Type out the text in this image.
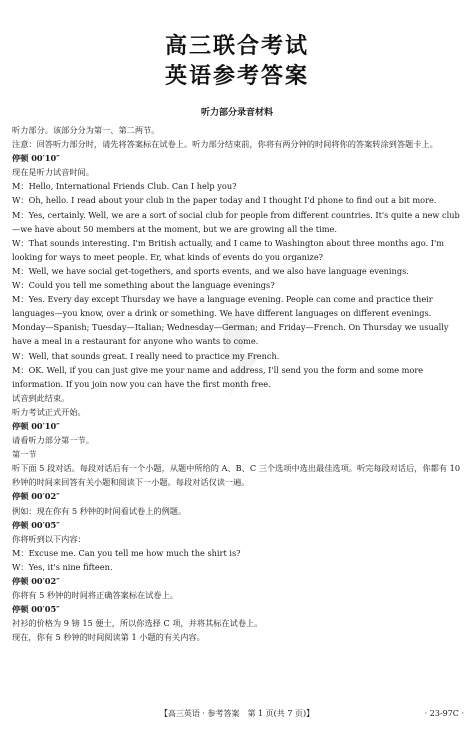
高三联合考试
英语参考答案
听力部分录音材料

听力部分。该部分分为第一、第二两节。

注意：回答听力部分时，请先将答案标在试卷上。听力部分结束前，你将有两分钟的时间将你的答案转涂到答题卡上。

停顿 00′10″

现在是听力试音时间。

M：Hello, International Friends Club. Can I help you?

W：Oh, hello. I read about your club in the paper today and I thought I'd phone to find out a bit more.

M：Yes, certainly. Well, we are a sort of social club for people from different countries. It's quite a new club—we have about 50 members at the moment, but we are growing all the time.

W：That sounds interesting. I'm British actually, and I came to Washington about three months ago. I'm looking for ways to meet people. Er, what kinds of events do you organize?

M：Well, we have social get-togethers, and sports events, and we also have language evenings.

W：Could you tell me something about the language evenings?

M：Yes. Every day except Thursday we have a language evening. People can come and practice their languages—you know, over a drink or something. We have different languages on different evenings. Monday—Spanish; Tuesday—Italian; Wednesday—German; and Friday—French. On Thursday we usually have a meal in a restaurant for anyone who wants to come.

W：Well, that sounds great. I really need to practice my French.

M：OK. Well, if you can just give me your name and address, I'll send you the form and some more information. If you join now you can have the first month free.

试音到此结束。

听力考试正式开始。

停顿 00′10″

请看听力部分第一节。

第一节

听下面 5 段对话。每段对话后有一个小题，从题中所给的 A、B、C 三个选项中选出最佳选项。听完每段对话后，你都有 10 秒钟的时间来回答有关小题和阅读下一小题。每段对话仅读一遍。

停顿 00′02″

例如：现在你有 5 秒钟的时间看试卷上的例题。

停顿 00′05″

你将听到以下内容：

M：Excuse me. Can you tell me how much the shirt is?

W：Yes, it's nine fifteen.

停顿 00′02″

你将有 5 秒钟的时间将正确答案标在试卷上。

停顿 00′05″

衬衫的价格为 9 镑 15 便士，所以你选择 C 项，并将其标在试卷上。

现在，你有 5 秒钟的时间阅读第 1 小题的有关内容。

【高三英语 · 参考答案　第 1 页(共 7 页)】	· 23-97C ·
